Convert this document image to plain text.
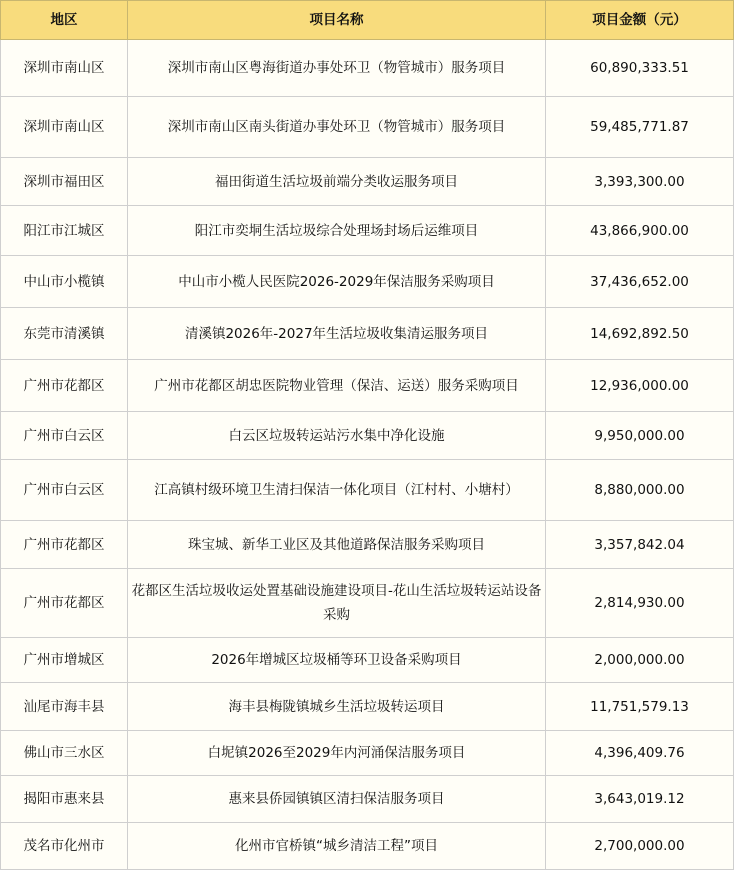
地区	项目名称	项目金额（元）
深圳市南山区	深圳市南山区粤海街道办事处环卫（物管城市）服务项目	60,890,333.51
深圳市南山区	深圳市南山区南头街道办事处环卫（物管城市）服务项目	59,485,771.87
深圳市福田区	福田街道生活垃圾前端分类收运服务项目	3,393,300.00
阳江市江城区	阳江市奕垌生活垃圾综合处理场封场后运维项目	43,866,900.00
中山市小榄镇	中山市小榄人民医院2026-2029年保洁服务采购项目	37,436,652.00
东莞市清溪镇	清溪镇2026年-2027年生活垃圾收集清运服务项目	14,692,892.50
广州市花都区	广州市花都区胡忠医院物业管理（保洁、运送）服务采购项目	12,936,000.00
广州市白云区	白云区垃圾转运站污水集中净化设施	9,950,000.00
广州市白云区	江高镇村级环境卫生清扫保洁一体化项目（江村村、小塘村）	8,880,000.00
广州市花都区	珠宝城、新华工业区及其他道路保洁服务采购项目	3,357,842.04
广州市花都区	花都区生活垃圾收运处置基础设施建设项目-花山生活垃圾转运站设备采购	2,814,930.00
广州市增城区	2026年增城区垃圾桶等环卫设备采购项目	2,000,000.00
汕尾市海丰县	海丰县梅陇镇城乡生活垃圾转运项目	11,751,579.13
佛山市三水区	白坭镇2026至2029年内河涌保洁服务项目	4,396,409.76
揭阳市惠来县	惠来县侨园镇镇区清扫保洁服务项目	3,643,019.12
茂名市化州市	化州市官桥镇“城乡清洁工程”项目	2,700,000.00
